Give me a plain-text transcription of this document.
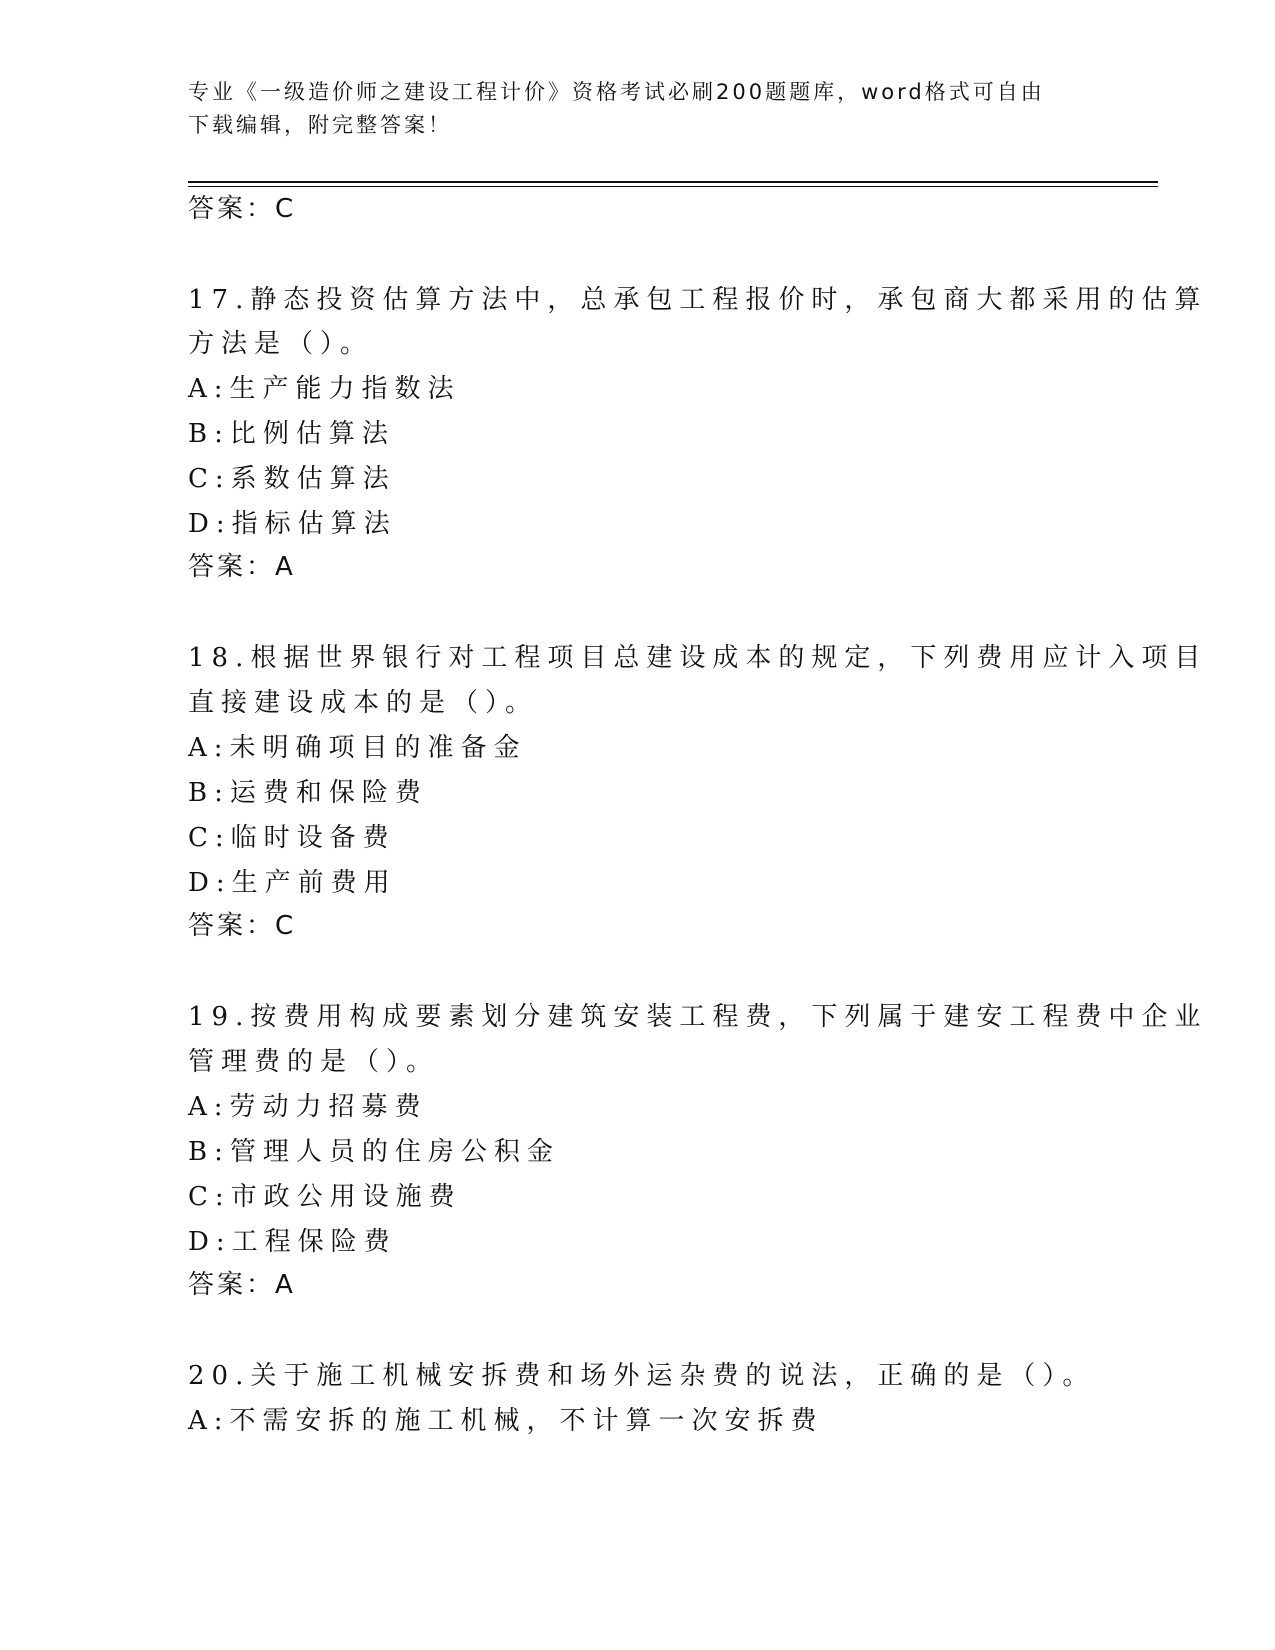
专业《一级造价师之建设工程计价》资格考试必刷200题题库，word格式可自由
下载编辑，附完整答案！
答案：C
17.静态投资估算方法中，总承包工程报价时，承包商大都采用的估算
方法是（）。
A:生产能力指数法
B:比例估算法
C:系数估算法
D:指标估算法
答案：A
18.根据世界银行对工程项目总建设成本的规定，下列费用应计入项目
直接建设成本的是（）。
A:未明确项目的准备金
B:运费和保险费
C:临时设备费
D:生产前费用
答案：C
19.按费用构成要素划分建筑安装工程费，下列属于建安工程费中企业
管理费的是（）。
A:劳动力招募费
B:管理人员的住房公积金
C:市政公用设施费
D:工程保险费
答案：A
20.关于施工机械安拆费和场外运杂费的说法，正确的是（）。
A:不需安拆的施工机械，不计算一次安拆费
